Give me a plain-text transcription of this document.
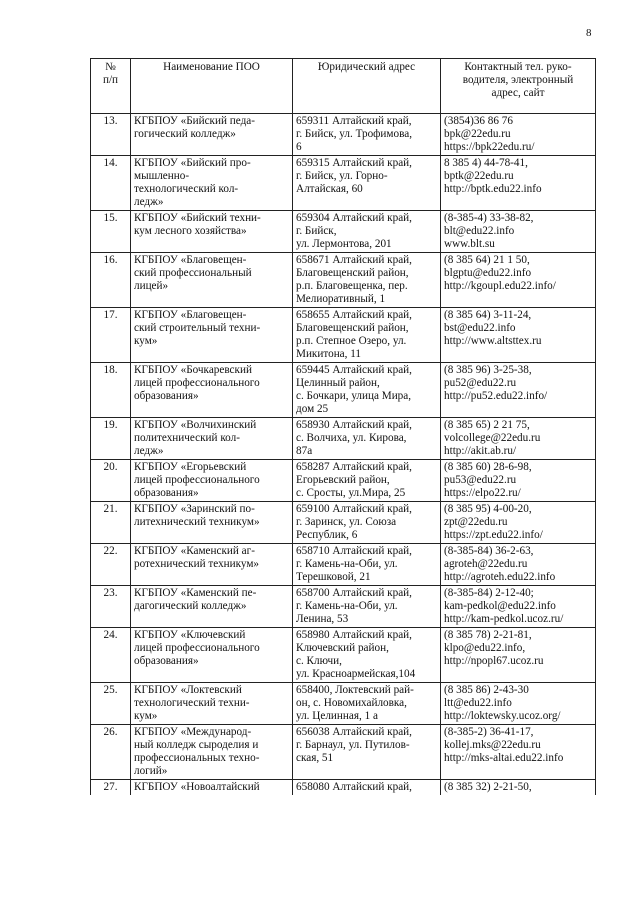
8
№
п/п	Наименование ПОО	Юридический адрес	Контактный тел. руко-
водителя, электронный
адрес, сайт

13.	КГБПОУ «Бийский педа-
гогический колледж»	659311 Алтайский край,
г. Бийск, ул. Трофимова,
6	(3854)36 86 76
bpk@22edu.ru
https://bpk22edu.ru/

14.	КГБПОУ «Бийский про-
мышленно-
технологический кол-
ледж»	659315 Алтайский край,
г. Бийск, ул. Горно-
Алтайская, 60	8 385 4) 44-78-41,
bptk@22edu.ru
http://bptk.edu22.info

15.	КГБПОУ «Бийский техни-
кум лесного хозяйства»	659304 Алтайский край,
г. Бийск,
ул. Лермонтова, 201	(8-385-4) 33-38-82,
blt@edu22.info
www.blt.su

16.	КГБПОУ «Благовещен-
ский профессиональный
лицей»	658671 Алтайский край,
Благовещенский район,
р.п. Благовещенка, пер.
Мелиоративный, 1	(8 385 64) 21 1 50,
blgptu@edu22.info
http://kgoupl.edu22.info/

17.	КГБПОУ «Благовещен-
ский строительный техни-
кум»	658655 Алтайский край,
Благовещенский район,
р.п. Степное Озеро, ул.
Микитона, 11	(8 385 64) 3-11-24,
bst@edu22.info
http://www.altsttex.ru

18.	КГБПОУ «Бочкаревский
лицей профессионального
образования»	659445 Алтайский край,
Целинный район,
с. Бочкари, улица Мира,
дом 25	(8 385 96) 3-25-38,
pu52@edu22.ru
http://pu52.edu22.info/

19.	КГБПОУ «Волчихинский
политехнический кол-
ледж»	658930 Алтайский край,
с. Волчиха, ул. Кирова,
87а	(8 385 65) 2 21 75,
volcollege@22edu.ru
http://akit.ab.ru/

20.	КГБПОУ «Егорьевский
лицей профессионального
образования»	658287 Алтайский край,
Егорьевский район,
с. Сросты, ул.Мира, 25	(8 385 60) 28-6-98,
pu53@edu22.ru
https://elpo22.ru/

21.	КГБПОУ «Заринский по-
литехнический техникум»	659100 Алтайский край,
г. Заринск, ул. Союза
Республик, 6	(8 385 95) 4-00-20,
zpt@22edu.ru
https://zpt.edu22.info/

22.	КГБПОУ «Каменский аг-
ротехнический техникум»	658710 Алтайский край,
г. Камень-на-Оби, ул.
Терешковой, 21	(8-385-84) 36-2-63,
agroteh@22edu.ru
http://agroteh.edu22.info

23.	КГБПОУ «Каменский пе-
дагогический колледж»	658700 Алтайский край,
г. Камень-на-Оби, ул.
Ленина, 53	(8-385-84) 2-12-40;
kam-pedkol@edu22.info
http://kam-pedkol.ucoz.ru/

24.	КГБПОУ «Ключевский
лицей профессионального
образования»	658980 Алтайский край,
Ключевский район,
с. Ключи,
ул. Красноармейская,104	(8 385 78) 2-21-81,
klpo@edu22.info,
http://npopl67.ucoz.ru

25.	КГБПОУ «Локтевский
технологический техни-
кум»	658400, Локтевский рай-
он, с. Новомихайловка,
ул. Целинная, 1 а	(8 385 86) 2-43-30
ltt@edu22.info
http://loktewsky.ucoz.org/

26.	КГБПОУ «Международ-
ный колледж сыроделия и
профессиональных техно-
логий»	656038 Алтайский край,
г. Барнаул, ул. Путилов-
ская, 51	(8-385-2) 36-41-17,
kollej.mks@22edu.ru
http://mks-altai.edu22.info

27.	КГБПОУ «Новоалтайский	658080 Алтайский край,	(8 385 32) 2-21-50,
